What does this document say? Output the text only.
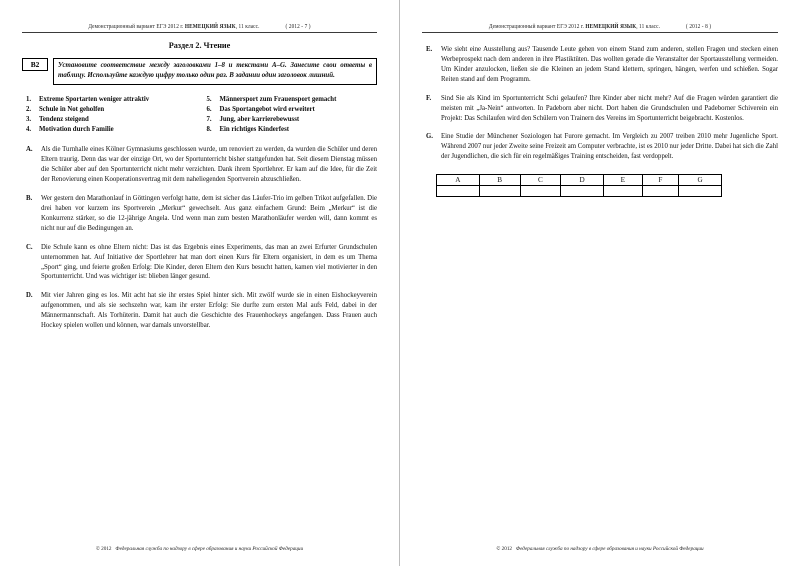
Демонстрационный вариант ЕГЭ 2012 г. НЕМЕЦКИЙ ЯЗЫК, 11 класс.	( 2012 - 7 )
Раздел 2. Чтение
B2	Установите соответствие между заголовками 1–8 и текстами A–G. Занесите свои ответы в таблицу. Используйте каждую цифру только один раз. В задании один заголовок лишний.
1.	Extreme Sportarten weniger attraktiv
2.	Schule in Not geholfen
3.	Tendenz steigend
4.	Motivation durch Familie
5.	Männersport zum Frauensport gemacht
6.	Das Sportangebot wird erweitert
7.	Jung, aber karrierebewusst
8.	Ein richtiges Kinderfest
A.	Als die Turnhalle eines Kölner Gymnasiums geschlossen wurde, um renoviert zu werden, da wurden die Schüler und deren Eltern traurig. Denn das war der einzige Ort, wo der Sportunterricht bisher stattgefunden hat. Seit diesem Dienstag müssen die Schüler aber auf den Sportunterricht nicht mehr verzichten. Dank ihrem Sportlehrer. Er kam auf die Idee, für die Zeit der Renovierung einen Kooperationsvertrag mit dem naheliegenden Sportverein abzuschließen.
B.	Wer gestern den Marathonlauf in Göttingen verfolgt hatte, dem ist sicher das Läufer-Trio im gelben Trikot aufgefallen. Die drei haben vor kurzem ins Sportverein „Merkur“ gewechselt. Aus ganz einfachem Grund: Beim „Merkur“ ist die Konkurrenz stärker, so die 12-jährige Angela. Und wenn man zum besten Marathonläufer werden will, dann kommt es nicht nur auf die Bedingungen an.
C.	Die Schule kann es ohne Eltern nicht: Das ist das Ergebnis eines Experiments, das man an zwei Erfurter Grundschulen unternommen hat. Auf Initiative der Sportlehrer hat man dort einen Kurs für Eltern organisiert, in dem es um Thema „Sport“ ging, und feierte großen Erfolg: Die Kinder, deren Eltern den Kurs besucht hatten, kamen viel motivierter in den Sportunterricht. Und was wichtiger ist: blieben länger gesund.
D.	Mit vier Jahren ging es los. Mit acht hat sie ihr erstes Spiel hinter sich. Mit zwölf wurde sie in einen Eishockeyverein aufgenommen, und als sie sechszehn war, kam ihr erster Erfolg: Sie durfte zum ersten Mal aufs Feld, dabei in der Männermannschaft. Als Torhüterin. Damit hat auch die Geschichte des Frauenhockeys angefangen. Dass Frauen auch Hockey spielen wollen und können, war damals unvorstellbar.
© 2012 Федеральная служба по надзору в сфере образования и науки Российской Федерации
Демонстрационный вариант ЕГЭ 2012 г. НЕМЕЦКИЙ ЯЗЫК, 11 класс.	( 2012 - 8 )
E.	Wie sieht eine Ausstellung aus? Tausende Leute gehen von einem Stand zum anderen, stellen Fragen und stecken einen Werbeprospekt nach dem anderen in ihre Plastiktüten. Das wollten gerade die Veranstalter der Sportausstellung vermeiden. Um Kinder anzulocken, ließen sie die Kleinen an jedem Stand klettern, springen, hängen, werfen und schießen. Sogar Reiten stand auf dem Programm.
F.	Sind Sie als Kind im Sportunterricht Schi gelaufen? Ihre Kinder aber nicht mehr? Auf die Fragen würden garantiert die meisten mit „Ja-Nein“ antworten. In Padeborn aber nicht. Dort haben die Grundschulen und Padeborner Schiverein ein Projekt: Das Schilaufen wird den Schülern von Trainern des Vereins im Sportunterricht beigebracht. Kostenlos.
G.	Eine Studie der Münchener Soziologen hat Furore gemacht. Im Vergleich zu 2007 treiben 2010 mehr Jugenliche Sport. Während 2007 nur jeder Zweite seine Freizeit am Computer verbrachte, ist es 2010 nur jeder Dritte. Dabei hat sich die Zahl der Jugendlichen, die sich für ein regelmäßiges Training entscheiden, fast verdoppelt.
A	B	C	D	E	F	G

© 2012 Федеральная служба по надзору в сфере образования и науки Российской Федерации
